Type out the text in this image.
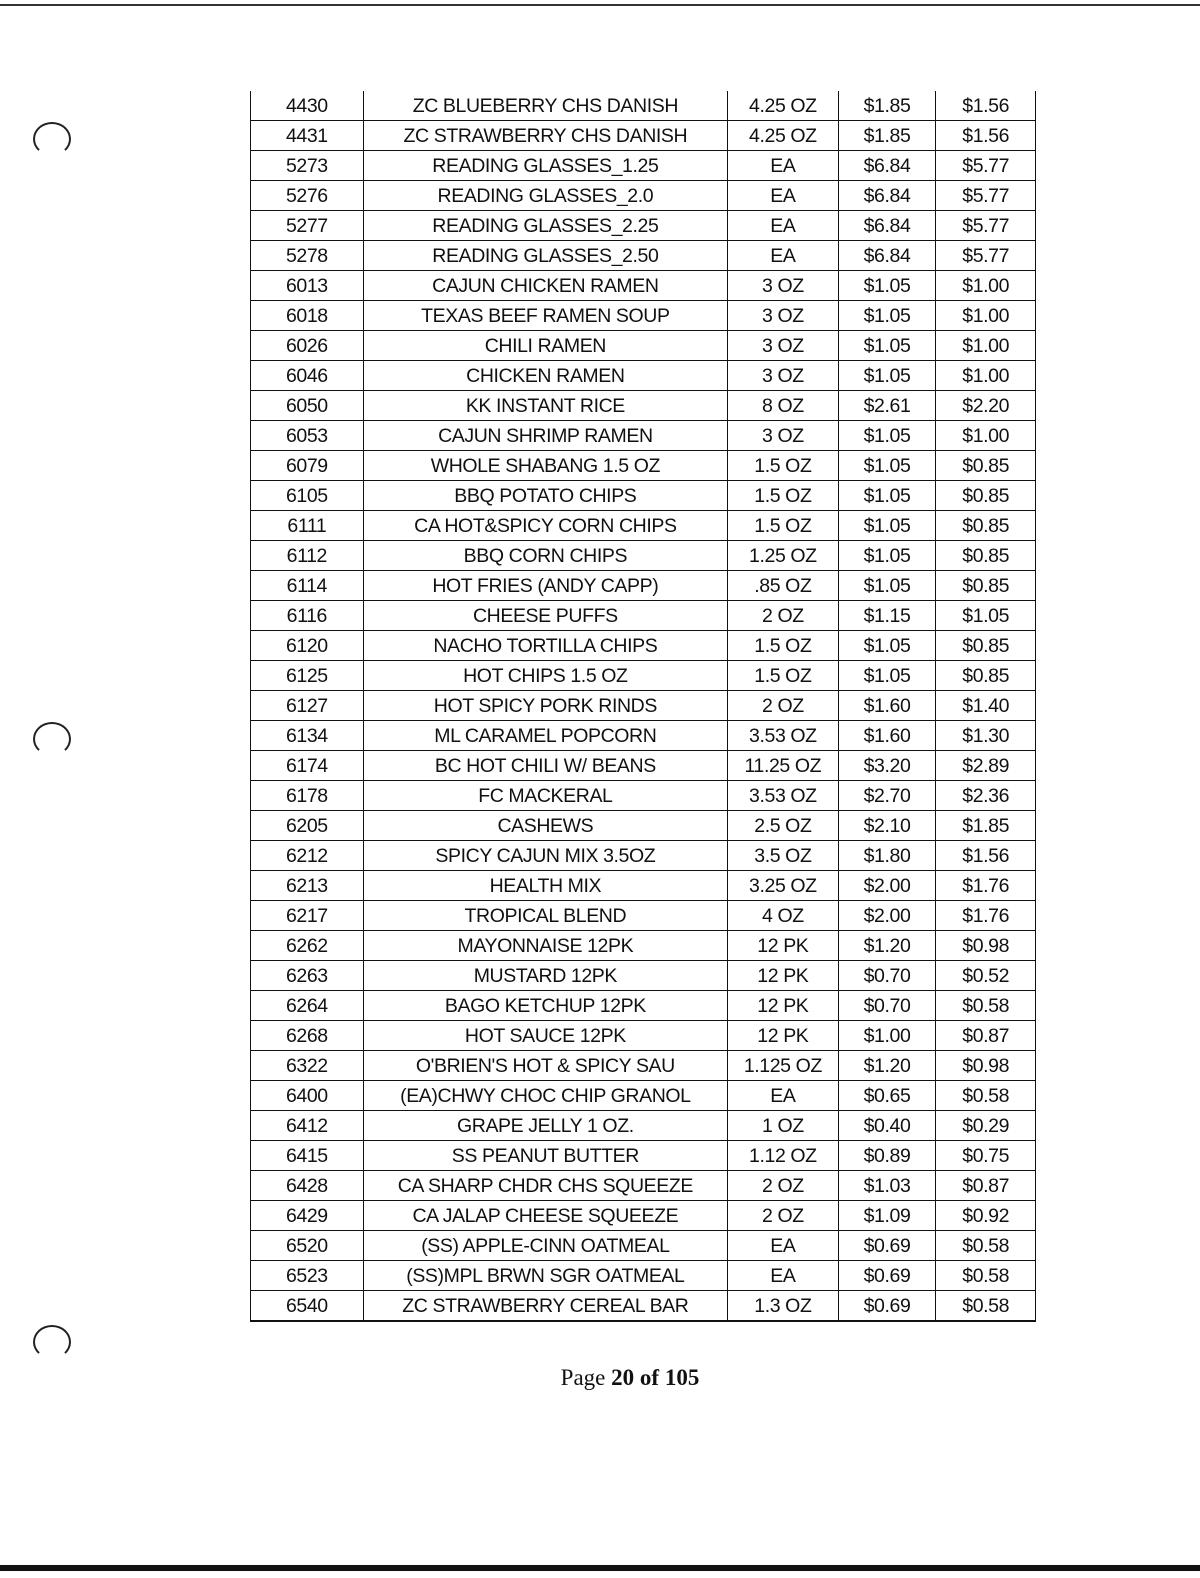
4430	ZC BLUEBERRY CHS DANISH	4.25 OZ	$1.85	$1.56
4431	ZC STRAWBERRY CHS DANISH	4.25 OZ	$1.85	$1.56
5273	READING GLASSES_1.25	EA	$6.84	$5.77
5276	READING GLASSES_2.0	EA	$6.84	$5.77
5277	READING GLASSES_2.25	EA	$6.84	$5.77
5278	READING GLASSES_2.50	EA	$6.84	$5.77
6013	CAJUN CHICKEN RAMEN	3 OZ	$1.05	$1.00
6018	TEXAS BEEF RAMEN SOUP	3 OZ	$1.05	$1.00
6026	CHILI RAMEN	3 OZ	$1.05	$1.00
6046	CHICKEN RAMEN	3 OZ	$1.05	$1.00
6050	KK INSTANT RICE	8 OZ	$2.61	$2.20
6053	CAJUN SHRIMP RAMEN	3 OZ	$1.05	$1.00
6079	WHOLE SHABANG 1.5 OZ	1.5 OZ	$1.05	$0.85
6105	BBQ POTATO CHIPS	1.5 OZ	$1.05	$0.85
6111	CA HOT&SPICY CORN CHIPS	1.5 OZ	$1.05	$0.85
6112	BBQ CORN CHIPS	1.25 OZ	$1.05	$0.85
6114	HOT FRIES (ANDY CAPP)	.85 OZ	$1.05	$0.85
6116	CHEESE PUFFS	2 OZ	$1.15	$1.05
6120	NACHO TORTILLA CHIPS	1.5 OZ	$1.05	$0.85
6125	HOT CHIPS 1.5 OZ	1.5 OZ	$1.05	$0.85
6127	HOT SPICY PORK RINDS	2 OZ	$1.60	$1.40
6134	ML CARAMEL POPCORN	3.53 OZ	$1.60	$1.30
6174	BC HOT CHILI W/ BEANS	11.25 OZ	$3.20	$2.89
6178	FC MACKERAL	3.53 OZ	$2.70	$2.36
6205	CASHEWS	2.5 OZ	$2.10	$1.85
6212	SPICY CAJUN MIX 3.5OZ	3.5 OZ	$1.80	$1.56
6213	HEALTH MIX	3.25 OZ	$2.00	$1.76
6217	TROPICAL BLEND	4 OZ	$2.00	$1.76
6262	MAYONNAISE 12PK	12 PK	$1.20	$0.98
6263	MUSTARD 12PK	12 PK	$0.70	$0.52
6264	BAGO KETCHUP 12PK	12 PK	$0.70	$0.58
6268	HOT SAUCE 12PK	12 PK	$1.00	$0.87
6322	O'BRIEN'S HOT & SPICY SAU	1.125 OZ	$1.20	$0.98
6400	(EA)CHWY CHOC CHIP GRANOL	EA	$0.65	$0.58
6412	GRAPE JELLY 1 OZ.	1 OZ	$0.40	$0.29
6415	SS PEANUT BUTTER	1.12 OZ	$0.89	$0.75
6428	CA SHARP CHDR CHS SQUEEZE	2 OZ	$1.03	$0.87
6429	CA JALAP CHEESE SQUEEZE	2 OZ	$1.09	$0.92
6520	(SS) APPLE-CINN OATMEAL	EA	$0.69	$0.58
6523	(SS)MPL BRWN SGR OATMEAL	EA	$0.69	$0.58
6540	ZC STRAWBERRY CEREAL BAR	1.3 OZ	$0.69	$0.58
Page 20 of 105
